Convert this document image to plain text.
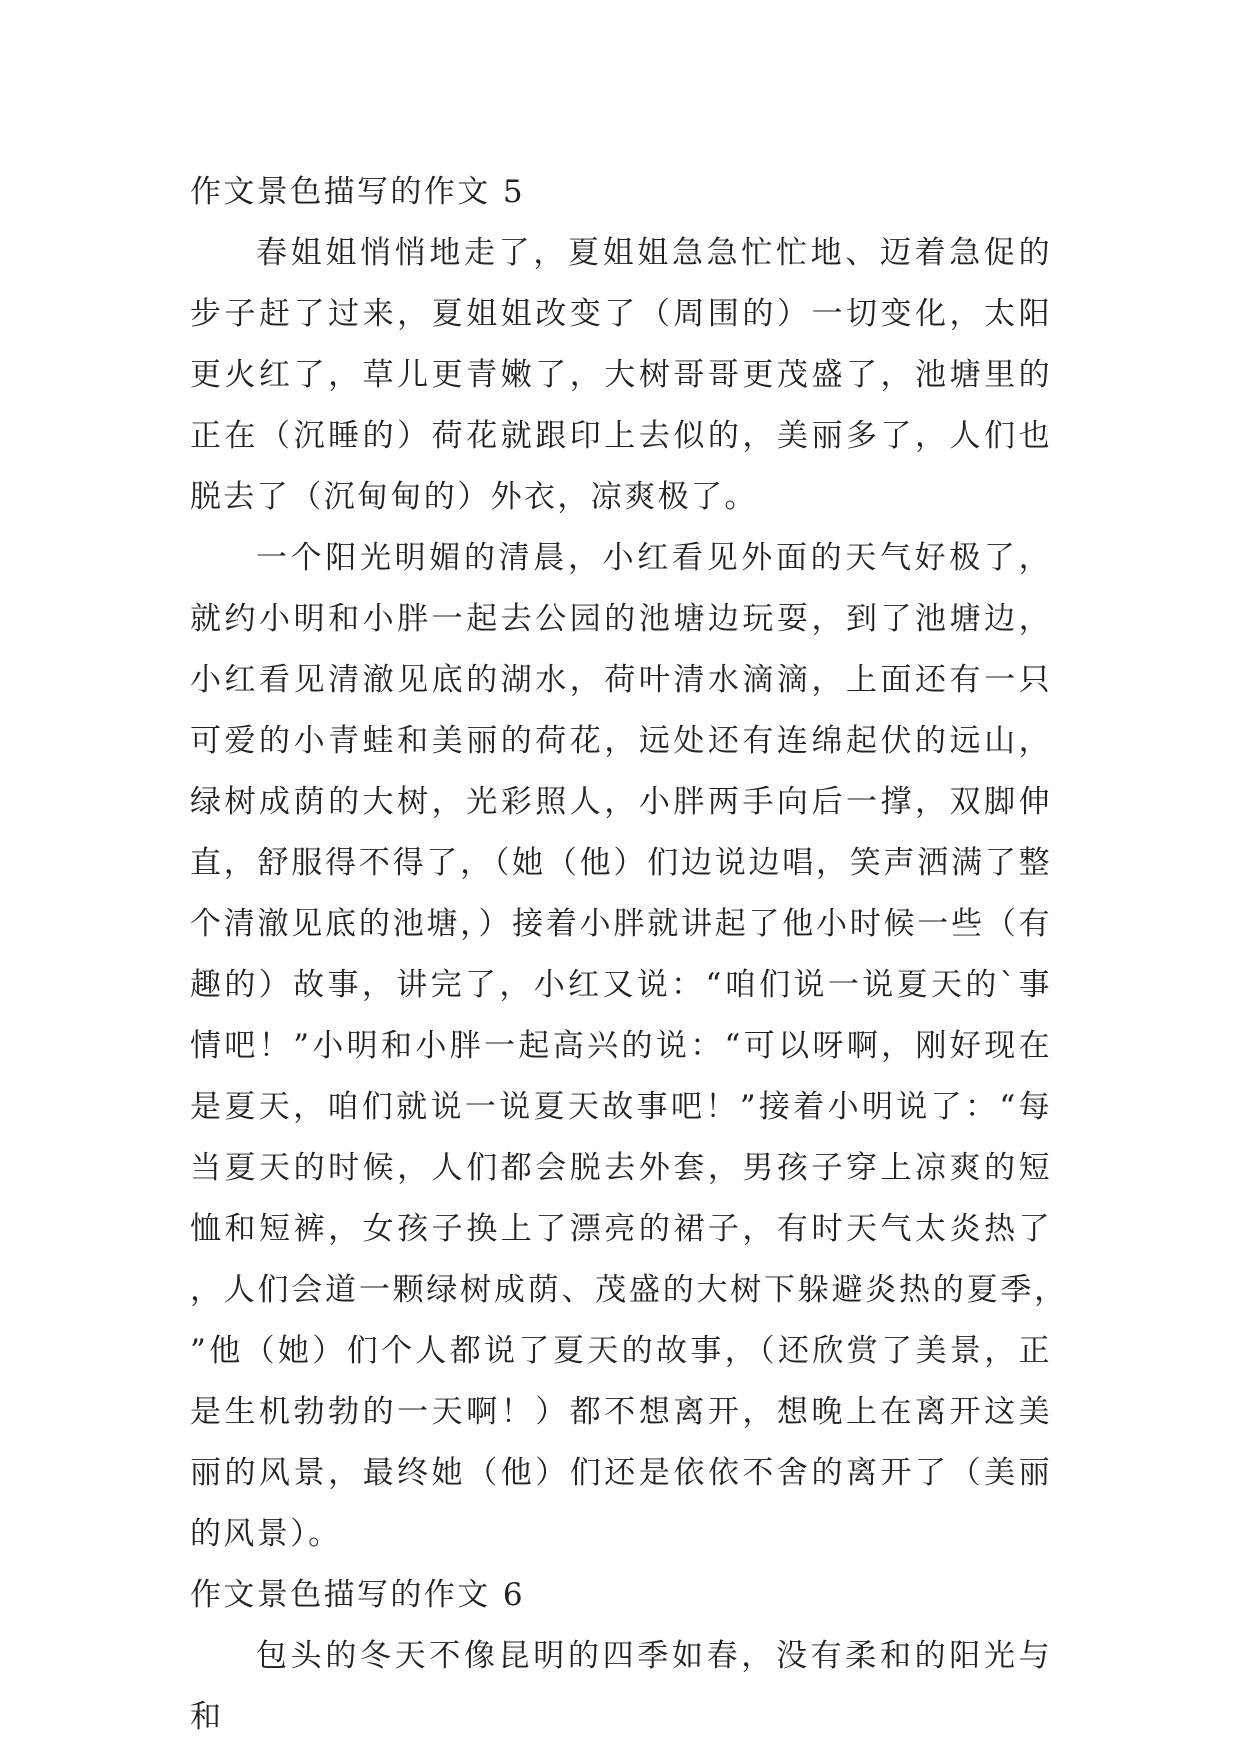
作文景色描写的作文 5

春姐姐悄悄地走了，夏姐姐急急忙忙地、迈着急促的步子赶了过来，夏姐姐改变了（周围的）一切变化，太阳更火红了，草儿更青嫩了，大树哥哥更茂盛了，池塘里的正在（沉睡的）荷花就跟印上去似的，美丽多了，人们也脱去了（沉甸甸的）外衣，凉爽极了。

一个阳光明媚的清晨，小红看见外面的天气好极了，就约小明和小胖一起去公园的池塘边玩耍，到了池塘边，小红看见清澈见底的湖水，荷叶清水滴滴，上面还有一只可爱的小青蛙和美丽的荷花，远处还有连绵起伏的远山，绿树成荫的大树，光彩照人，小胖两手向后一撑，双脚伸直，舒服得不得了，（她（他）们边说边唱，笑声洒满了整个清澈见底的池塘，）接着小胖就讲起了他小时候一些（有趣的）故事，讲完了，小红又说：“咱们说一说夏天的`事情吧！”小明和小胖一起高兴的说：“可以呀啊，刚好现在是夏天，咱们就说一说夏天故事吧！”接着小明说了：“每当夏天的时候，人们都会脱去外套，男孩子穿上凉爽的短恤和短裤，女孩子换上了漂亮的裙子，有时天气太炎热了，人们会道一颗绿树成荫、茂盛的大树下躲避炎热的夏季，”他（她）们个人都说了夏天的故事，（还欣赏了美景，正是生机勃勃的一天啊！）都不想离开，想晚上在离开这美丽的风景，最终她（他）们还是依依不舍的离开了（美丽的风景）。

作文景色描写的作文 6

包头的冬天不像昆明的四季如春，没有柔和的阳光与和
